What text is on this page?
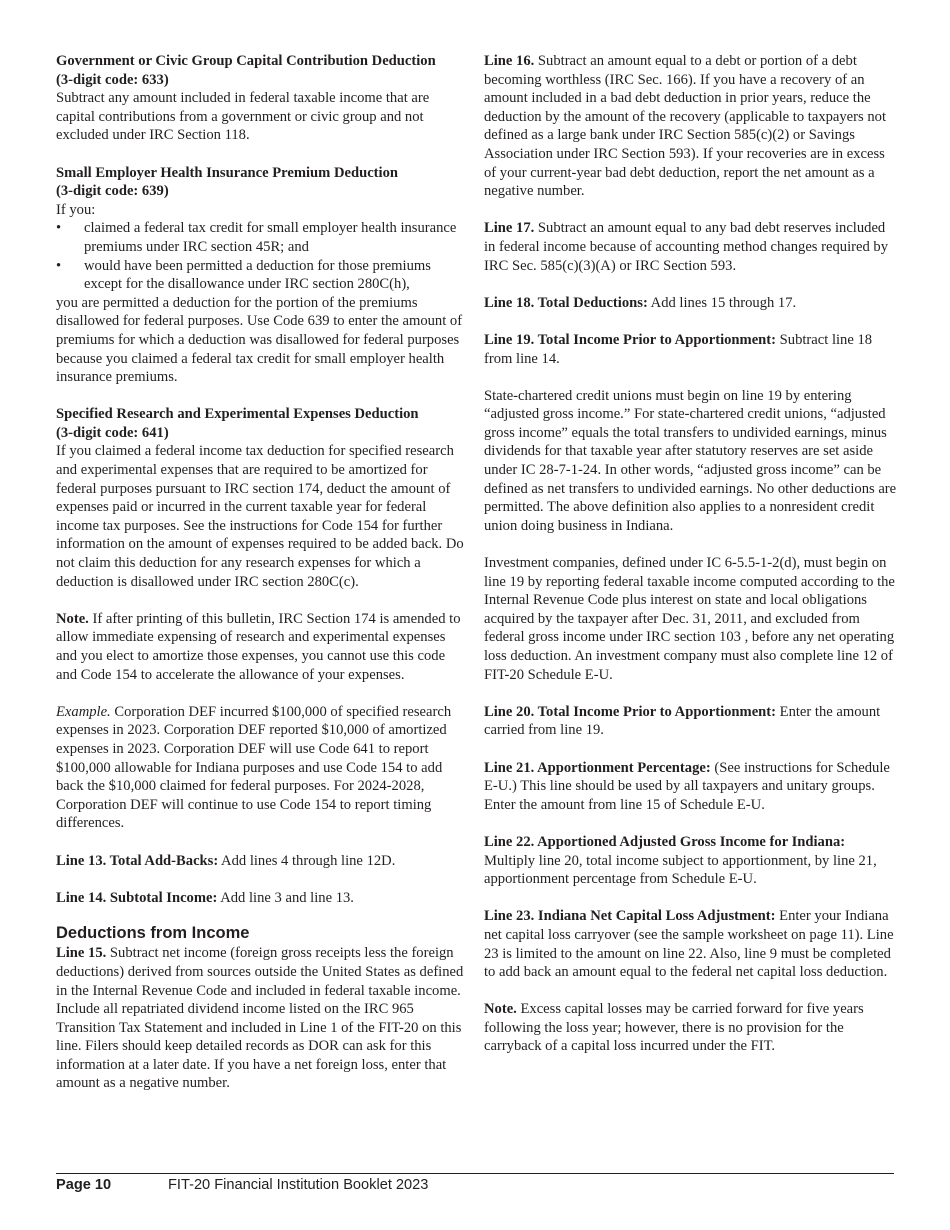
Government or Civic Group Capital Contribution Deduction
(3-digit code: 633)
Subtract any amount included in federal taxable income that are capital contributions from a government or civic group and not excluded under IRC Section 118.

Small Employer Health Insurance Premium Deduction
(3-digit code: 639)
If you:

• claimed a federal tax credit for small employer health insurance premiums under IRC section 45R; and
• would have been permitted a deduction for those premiums except for the disallowance under IRC section 280C(h),

you are permitted a deduction for the portion of the premiums disallowed for federal purposes. Use Code 639 to enter the amount of premiums for which a deduction was disallowed for federal purposes because you claimed a federal tax credit for small employer health insurance premiums.

Specified Research and Experimental Expenses Deduction
(3-digit code: 641)
If you claimed a federal income tax deduction for specified research and experimental expenses that are required to be amortized for federal purposes pursuant to IRC section 174, deduct the amount of expenses paid or incurred in the current taxable year for federal income tax purposes. See the instructions for Code 154 for further information on the amount of expenses required to be added back. Do not claim this deduction for any research expenses for which a deduction is disallowed under IRC section 280C(c).

Note. If after printing of this bulletin, IRC Section 174 is amended to allow immediate expensing of research and experimental expenses and you elect to amortize those expenses, you cannot use this code and Code 154 to accelerate the allowance of your expenses.

Example. Corporation DEF incurred $100,000 of specified research expenses in 2023. Corporation DEF reported $10,000 of amortized expenses in 2023. Corporation DEF will use Code 641 to report $100,000 allowable for Indiana purposes and use Code 154 to add back the $10,000 claimed for federal purposes. For 2024-2028, Corporation DEF will continue to use Code 154 to report timing differences.

Line 13. Total Add-Backs: Add lines 4 through line 12D.

Line 14. Subtotal Income: Add line 3 and line 13.

Deductions from Income

Line 15. Subtract net income (foreign gross receipts less the foreign deductions) derived from sources outside the United States as defined in the Internal Revenue Code and included in federal taxable income. Include all repatriated dividend income listed on the IRC 965 Transition Tax Statement and included in Line 1 of the FIT-20 on this line. Filers should keep detailed records as DOR can ask for this information at a later date. If you have a net foreign loss, enter that amount as a negative number.

Line 16. Subtract an amount equal to a debt or portion of a debt becoming worthless (IRC Sec. 166). If you have a recovery of an amount included in a bad debt deduction in prior years, reduce the deduction by the amount of the recovery (applicable to taxpayers not defined as a large bank under IRC Section 585(c)(2) or Savings Association under IRC Section 593). If your recoveries are in excess of your current-year bad debt deduction, report the net amount as a negative number.

Line 17. Subtract an amount equal to any bad debt reserves included in federal income because of accounting method changes required by IRC Sec. 585(c)(3)(A) or IRC Section 593.

Line 18. Total Deductions: Add lines 15 through 17.

Line 19. Total Income Prior to Apportionment: Subtract line 18 from line 14.

State-chartered credit unions must begin on line 19 by entering “adjusted gross income.” For state-chartered credit unions, “adjusted gross income” equals the total transfers to undivided earnings, minus dividends for that taxable year after statutory reserves are set aside under IC 28-7-1-24. In other words, “adjusted gross income” can be defined as net transfers to undivided earnings. No other deductions are permitted. The above definition also applies to a nonresident credit union doing business in Indiana.

Investment companies, defined under IC 6-5.5-1-2(d), must begin on line 19 by reporting federal taxable income computed according to the Internal Revenue Code plus interest on state and local obligations acquired by the taxpayer after Dec. 31, 2011, and excluded from federal gross income under IRC section 103 , before any net operating loss deduction. An investment company must also complete line 12 of FIT-20 Schedule E-U.

Line 20. Total Income Prior to Apportionment: Enter the amount carried from line 19.

Line 21. Apportionment Percentage: (See instructions for Schedule E-U.) This line should be used by all taxpayers and unitary groups. Enter the amount from line 15 of Schedule E-U.

Line 22. Apportioned Adjusted Gross Income for Indiana: Multiply line 20, total income subject to apportionment, by line 21, apportionment percentage from Schedule E-U.

Line 23. Indiana Net Capital Loss Adjustment: Enter your Indiana net capital loss carryover (see the sample worksheet on page 11). Line 23 is limited to the amount on line 22. Also, line 9 must be completed to add back an amount equal to the federal net capital loss deduction.

Note. Excess capital losses may be carried forward for five years following the loss year; however, there is no provision for the carryback of a capital loss incurred under the FIT.

Page 10	FIT-20 Financial Institution Booklet 2023
